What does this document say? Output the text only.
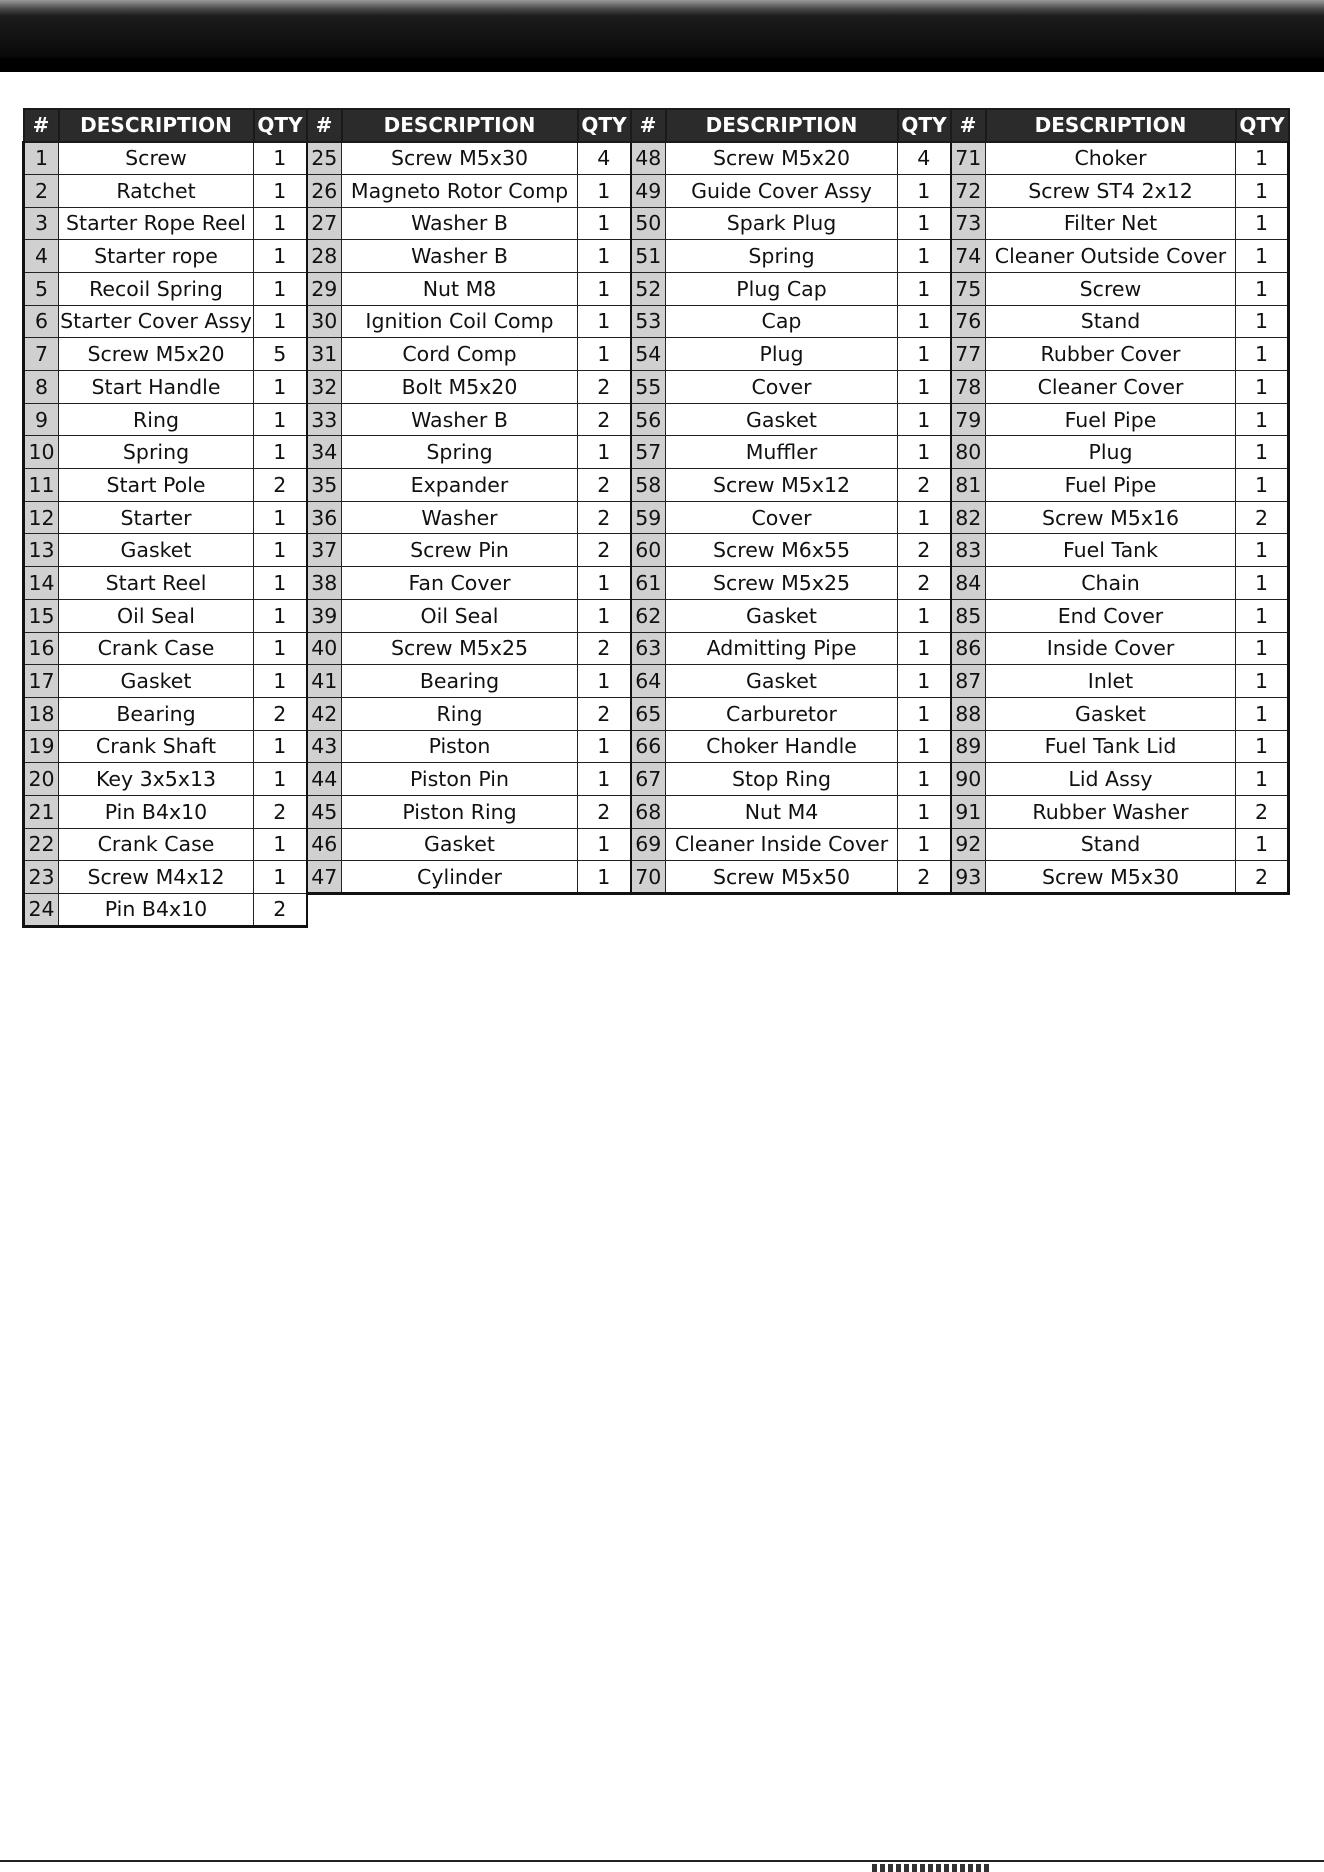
#	DESCRIPTION	QTY	#	DESCRIPTION	QTY	#	DESCRIPTION	QTY	#	DESCRIPTION	QTY
1	Screw	1	25	Screw M5x30	4	48	Screw M5x20	4	71	Choker	1
2	Ratchet	1	26	Magneto Rotor Comp	1	49	Guide Cover Assy	1	72	Screw ST4 2x12	1
3	Starter Rope Reel	1	27	Washer B	1	50	Spark Plug	1	73	Filter Net	1
4	Starter rope	1	28	Washer B	1	51	Spring	1	74	Cleaner Outside Cover	1
5	Recoil Spring	1	29	Nut M8	1	52	Plug Cap	1	75	Screw	1
6	Starter Cover Assy	1	30	Ignition Coil Comp	1	53	Cap	1	76	Stand	1
7	Screw M5x20	5	31	Cord Comp	1	54	Plug	1	77	Rubber Cover	1
8	Start Handle	1	32	Bolt M5x20	2	55	Cover	1	78	Cleaner Cover	1
9	Ring	1	33	Washer B	2	56	Gasket	1	79	Fuel Pipe	1
10	Spring	1	34	Spring	1	57	Muffler	1	80	Plug	1
11	Start Pole	2	35	Expander	2	58	Screw M5x12	2	81	Fuel Pipe	1
12	Starter	1	36	Washer	2	59	Cover	1	82	Screw M5x16	2
13	Gasket	1	37	Screw Pin	2	60	Screw M6x55	2	83	Fuel Tank	1
14	Start Reel	1	38	Fan Cover	1	61	Screw M5x25	2	84	Chain	1
15	Oil Seal	1	39	Oil Seal	1	62	Gasket	1	85	End Cover	1
16	Crank Case	1	40	Screw M5x25	2	63	Admitting Pipe	1	86	Inside Cover	1
17	Gasket	1	41	Bearing	1	64	Gasket	1	87	Inlet	1
18	Bearing	2	42	Ring	2	65	Carburetor	1	88	Gasket	1
19	Crank Shaft	1	43	Piston	1	66	Choker Handle	1	89	Fuel Tank Lid	1
20	Key 3x5x13	1	44	Piston Pin	1	67	Stop Ring	1	90	Lid Assy	1
21	Pin B4x10	2	45	Piston Ring	2	68	Nut M4	1	91	Rubber Washer	2
22	Crank Case	1	46	Gasket	1	69	Cleaner Inside Cover	1	92	Stand	1
23	Screw M4x12	1	47	Cylinder	1	70	Screw M5x50	2	93	Screw M5x30	2
24	Pin B4x10	2									
